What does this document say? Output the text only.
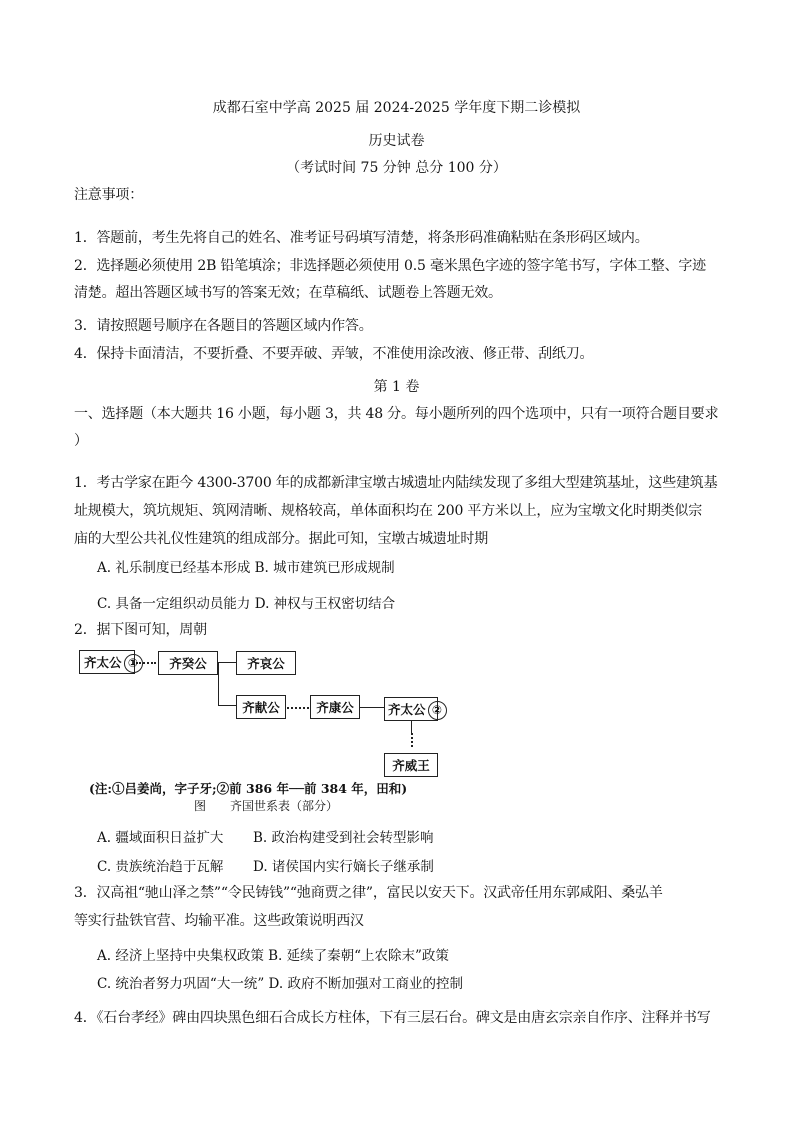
成都石室中学高 2025 届 2024-2025 学年度下期二诊模拟
历史试卷
（考试时间 75 分钟 总分 100 分）
注意事项：
1．答题前，考生先将自己的姓名、准考证号码填写清楚，将条形码准确粘贴在条形码区域内。
2．选择题必须使用 2B 铅笔填涂；非选择题必须使用 0.5 毫米黑色字迹的签字笔书写，字体工整、字迹
清楚。超出答题区域书写的答案无效；在草稿纸、试题卷上答题无效。
3．请按照题号顺序在各题目的答题区域内作答。
4．保持卡面清洁，不要折叠、不要弄破、弄皱，不准使用涂改液、修正带、刮纸刀。
第 1 卷
一、选择题（本大题共 16 小题，每小题 3，共 48 分。每小题所列的四个选项中，只有一项符合题目要求
）
1．考古学家在距今 4300-3700 年的成都新津宝墩古城遗址内陆续发现了多组大型建筑基址，这些建筑基
址规模大，筑坑规矩、筑网清晰、规格较高，单体面积均在 200 平方米以上，应为宝墩文化时期类似宗
庙的大型公共礼仪性建筑的组成部分。据此可知，宝墩古城遗址时期
A. 礼乐制度已经基本形成 B. 城市建筑已形成规制
C. 具备一定组织动员能力 D. 神权与王权密切结合
2．据下图可知，周朝
齐太公 ①	齐癸公	齐哀公
齐献公	齐康公	齐太公 ②
齐威王
(注:①吕姜尚，字子牙;②前 386 年──前 384 年，田和)
图　　齐国世系表（部分）
A. 疆域面积日益扩大 B. 政治构建受到社会转型影响
C. 贵族统治趋于瓦解 D. 诸侯国内实行嫡长子继承制
3．汉高祖“驰山泽之禁”“令民铸钱”“弛商贾之律”，富民以安天下。汉武帝任用东郭咸阳、桑弘羊
等实行盐铁官营、均输平准。这些政策说明西汉
A. 经济上坚持中央集权政策 B. 延续了秦朝“上农除末”政策
C. 统治者努力巩固“大一统” D. 政府不断加强对工商业的控制
4．《石台孝经》碑由四块黑色细石合成长方柱体，下有三层石台。碑文是由唐玄宗亲自作序、注释并书写
